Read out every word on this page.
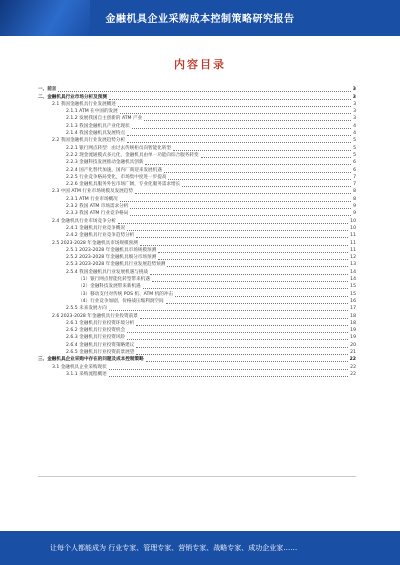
金融机具企业采购成本控制策略研究报告
内容目录
一、前言	3
二、金融机具行业市场分析及预测	3
2.1 我国金融机具行业发展概述	3
2.1.1 ATM 在中国的发展	3
2.1.2 发展我国自主创新的 ATM 产业	3
2.1.3 我国金融机具产业化现状	4
2.1.4 我国金融机具发展特点	4
2.2 我国金融机具行业发展趋势分析	5
2.2.1 银行网点转型：由过去传统柜员向智能化转型	5
2.2.2 现金流通模式多元化，金融机具由单一功能向综合服务转变	5
2.2.3 金融科技发展推动金融机具创新	6
2.2.4 国产化替代加速，国内厂商迎来发展机遇	6
2.2.5 行业竞争格局变化，市场集中度进一步提高	7
2.2.6 金融机具服务外包市场广阔，专业化服务需求增长	7
2.3 中国 ATM 行业市场规模及发展趋势	8
2.3.1 ATM 行业市场概况	8
2.3.2 我国 ATM 市场需求分析	9
2.3.3 我国 ATM 行业竞争格局	9
2.4 金融机具行业市场竞争分析	10
2.4.1 金融机具行业竞争概况	10
2.4.2 金融机具行业竞争趋势分析	11
2.5 2023-2028 年金融机具市场规模预测	11
2.5.1 2023-2028 年金融机具市场规模预测	11
2.5.2 2023-2028 年金融机具细分市场预测	12
2.5.3 2023-2028 年金融机具行业发展趋势预测	13
2.5.4 我国金融机具行业发展机遇与挑战	14
（1）银行网点智能化转型带来机遇	14
（2）金融科技发展带来新机遇	15
（3）移动支付对传统 POS 机、ATM 机的冲击	15
（4）行业竞争加剧，价格战压缩利润空间	16
2.5.5 未来发展方向	17
2.6 2023-2028 年金融机具行业投资前景	18
2.6.1 金融机具行业投资环境分析	18
2.6.2 金融机具行业投资机会	19
2.6.3 金融机具行业投资风险	19
2.6.4 金融机具行业投资策略建议	20
2.6.5 金融机具行业投资前景展望	21
三、金融机具企业采购中存在的问题及成本控制策略	22
3.1 金融机具企业采购现状	22
3.1.1 采购流程概述	22
让每个人都能成为 行业专家、管理专家、营销专家、战略专家、成功企业家……
